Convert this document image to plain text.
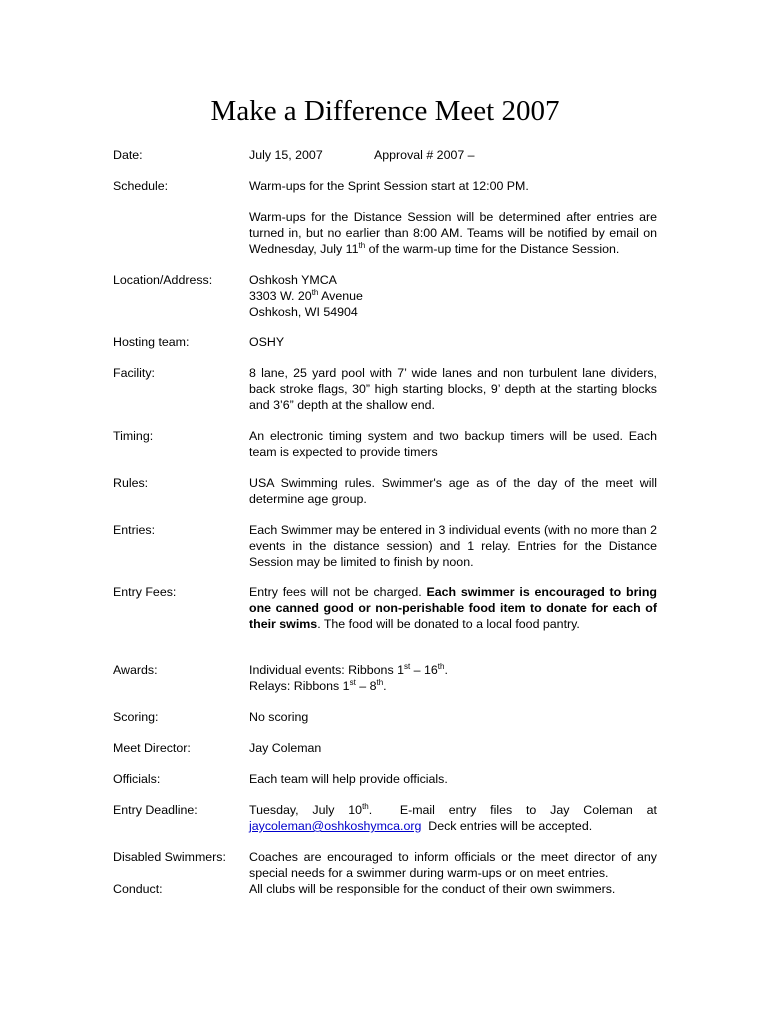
Make a Difference Meet 2007
Date:	July 15, 2007	Approval # 2007 –
Schedule:	Warm-ups for the Sprint Session start at 12:00 PM.
Warm-ups for the Distance Session will be determined after entries are turned in, but no earlier than 8:00 AM. Teams will be notified by email on Wednesday, July 11th of the warm-up time for the Distance Session.
Location/Address:	Oshkosh YMCA
3303 W. 20th Avenue
Oshkosh, WI 54904
Hosting team:	OSHY
Facility:	8 lane, 25 yard pool with 7’ wide lanes and non turbulent lane dividers, back stroke flags, 30” high starting blocks, 9’ depth at the starting blocks and 3’6” depth at the shallow end.
Timing:	An electronic timing system and two backup timers will be used. Each team is expected to provide timers
Rules:	USA Swimming rules. Swimmer's age as of the day of the meet will determine age group.
Entries:	Each Swimmer may be entered in 3 individual events (with no more than 2 events in the distance session) and 1 relay. Entries for the Distance Session may be limited to finish by noon.
Entry Fees:	Entry fees will not be charged. Each swimmer is encouraged to bring one canned good or non-perishable food item to donate for each of their swims. The food will be donated to a local food pantry.
Awards:	Individual events: Ribbons 1st – 16th.
Relays: Ribbons 1st – 8th.
Scoring:	No scoring
Meet Director:	Jay Coleman
Officials:	Each team will help provide officials.
Entry Deadline:	Tuesday,  July  10th.    E-mail  entry  files  to  Jay  Coleman  at jaycoleman@oshkoshymca.org  Deck entries will be accepted.
Disabled Swimmers: Coaches are encouraged to inform officials or the meet director of any special needs for a swimmer during warm-ups or on meet entries.
Conduct:	All clubs will be responsible for the conduct of their own swimmers.
